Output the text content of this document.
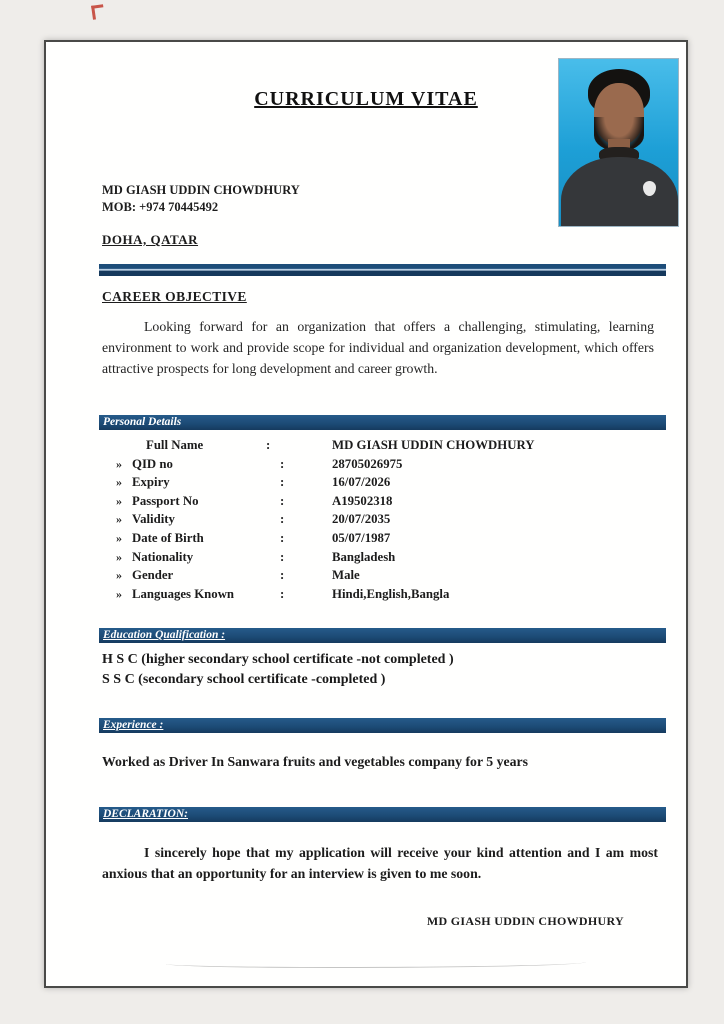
CURRICULUM VITAE
MD GIASH UDDIN CHOWDHURY
MOB: +974 70445492
DOHA, QATAR
CAREER OBJECTIVE
Looking forward for an organization that offers a challenging, stimulating, learning environment to work and provide scope for individual and organization development, which offers attractive prospects for long development and career growth.
Personal Details
Full Name	:	MD GIASH UDDIN CHOWDHURY
» QID no	:	28705026975
» Expiry	:	16/07/2026
» Passport No	:	A19502318
» Validity	:	20/07/2035
» Date of Birth	:	05/07/1987
» Nationality	:	Bangladesh
» Gender	:	Male
» Languages Known	:	Hindi,English,Bangla
Education Qualification :
H S C (higher secondary school certificate -not completed )
S S C (secondary school certificate -completed )
Experience :
Worked as Driver In Sanwara fruits and vegetables company for 5 years
DECLARATION:
I sincerely hope that my application will receive your kind attention and I am most anxious that an opportunity for an interview is given to me soon.
MD GIASH UDDIN CHOWDHURY
